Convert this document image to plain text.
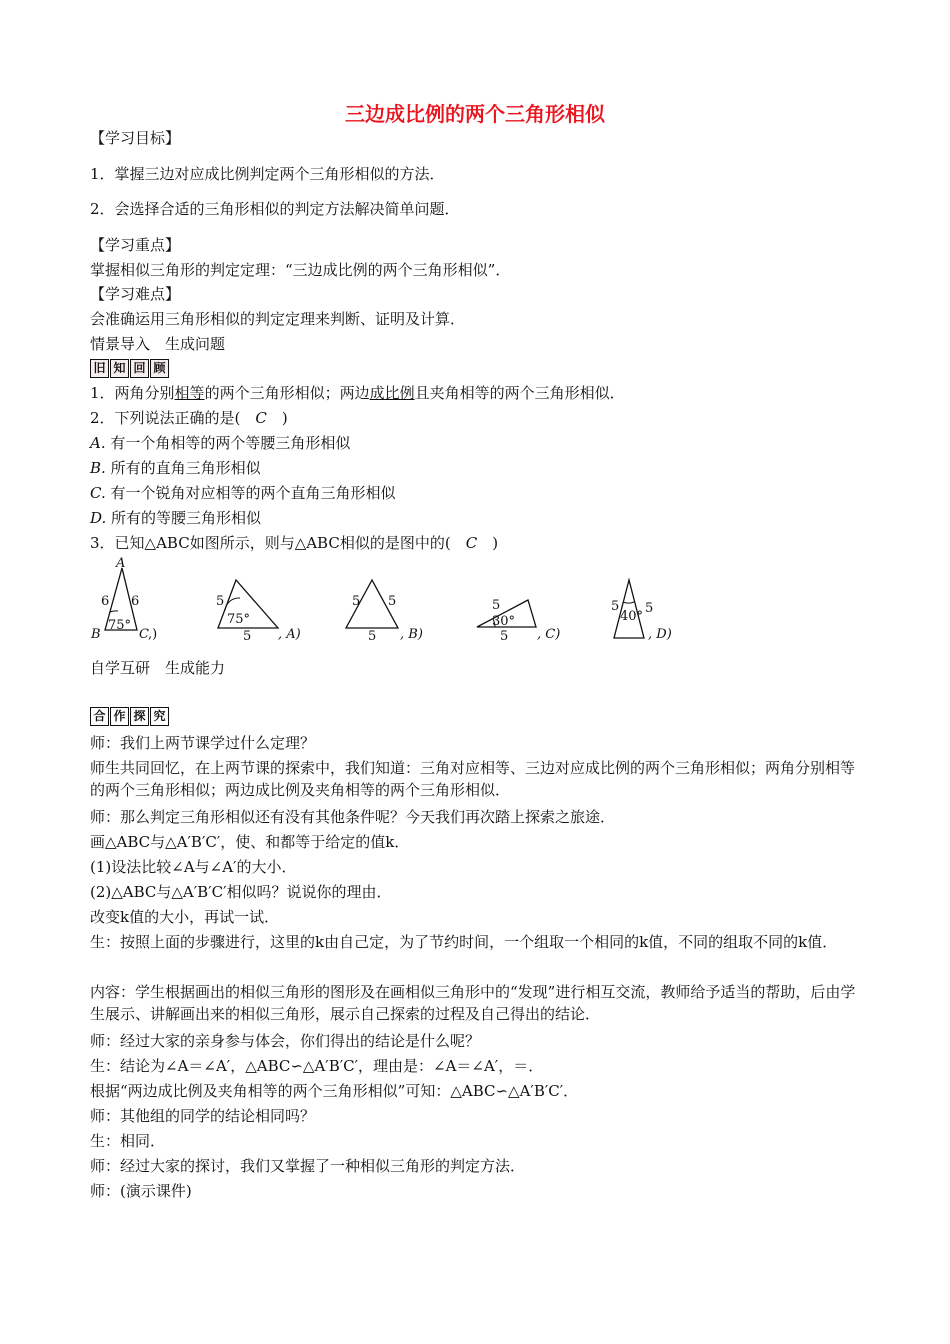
三边成比例的两个三角形相似
【学习目标】
1．掌握三边对应成比例判定两个三角形相似的方法．
2．会选择合适的三角形相似的判定方法解决简单问题．
【学习重点】
掌握相似三角形的判定定理：“三边成比例的两个三角形相似”．
【学习难点】
会准确运用三角形相似的判定定理来判断、证明及计算．
情景导入　生成问题
旧 知 回 顾
1．两角分别相等的两个三角形相似；两边成比例且夹角相等的两个三角形相似．
2．下列说法正确的是(　C　)
A. 有一个角相等的两个等腰三角形相似
B. 所有的直角三角形相似
C. 有一个锐角对应相等的两个直角三角形相似
D. 所有的等腰三角形相似
3．已知△ABC如图所示，则与△ABC相似的是图中的(　C　)
A
B	C
6 6
75°
,)
5
75°
5 , A)
5 5
5 , B)
5
30°
5 , C)
5 5
40°
, D)
自学互研　生成能力
合 作 探 究
师：我们上两节课学过什么定理？
师生共同回忆，在上两节课的探索中，我们知道：三角对应相等、三边对应成比例的两个三角形相似；两角分别相等的两个三角形相似；两边成比例及夹角相等的两个三角形相似．
师：那么判定三角形相似还有没有其他条件呢？今天我们再次踏上探索之旅途．
画△ABC与△A′B′C′，使、和都等于给定的值k．
(1)设法比较∠A与∠A′的大小．
(2)△ABC与△A′B′C′相似吗？说说你的理由．
改变k值的大小，再试一试．
生：按照上面的步骤进行，这里的k由自己定，为了节约时间，一个组取一个相同的k值，不同的组取不同的k值．
内容：学生根据画出的相似三角形的图形及在画相似三角形中的“发现”进行相互交流，教师给予适当的帮助，后由学生展示、讲解画出来的相似三角形，展示自己探索的过程及自己得出的结论．
师：经过大家的亲身参与体会，你们得出的结论是什么呢？
生：结论为∠A＝∠A′，△ABC∽△A′B′C′，理由是：∠A＝∠A′，＝．
根据“两边成比例及夹角相等的两个三角形相似”可知：△ABC∽△A′B′C′．
师：其他组的同学的结论相同吗？
生：相同．
师：经过大家的探讨，我们又掌握了一种相似三角形的判定方法．
师：(演示课件)
